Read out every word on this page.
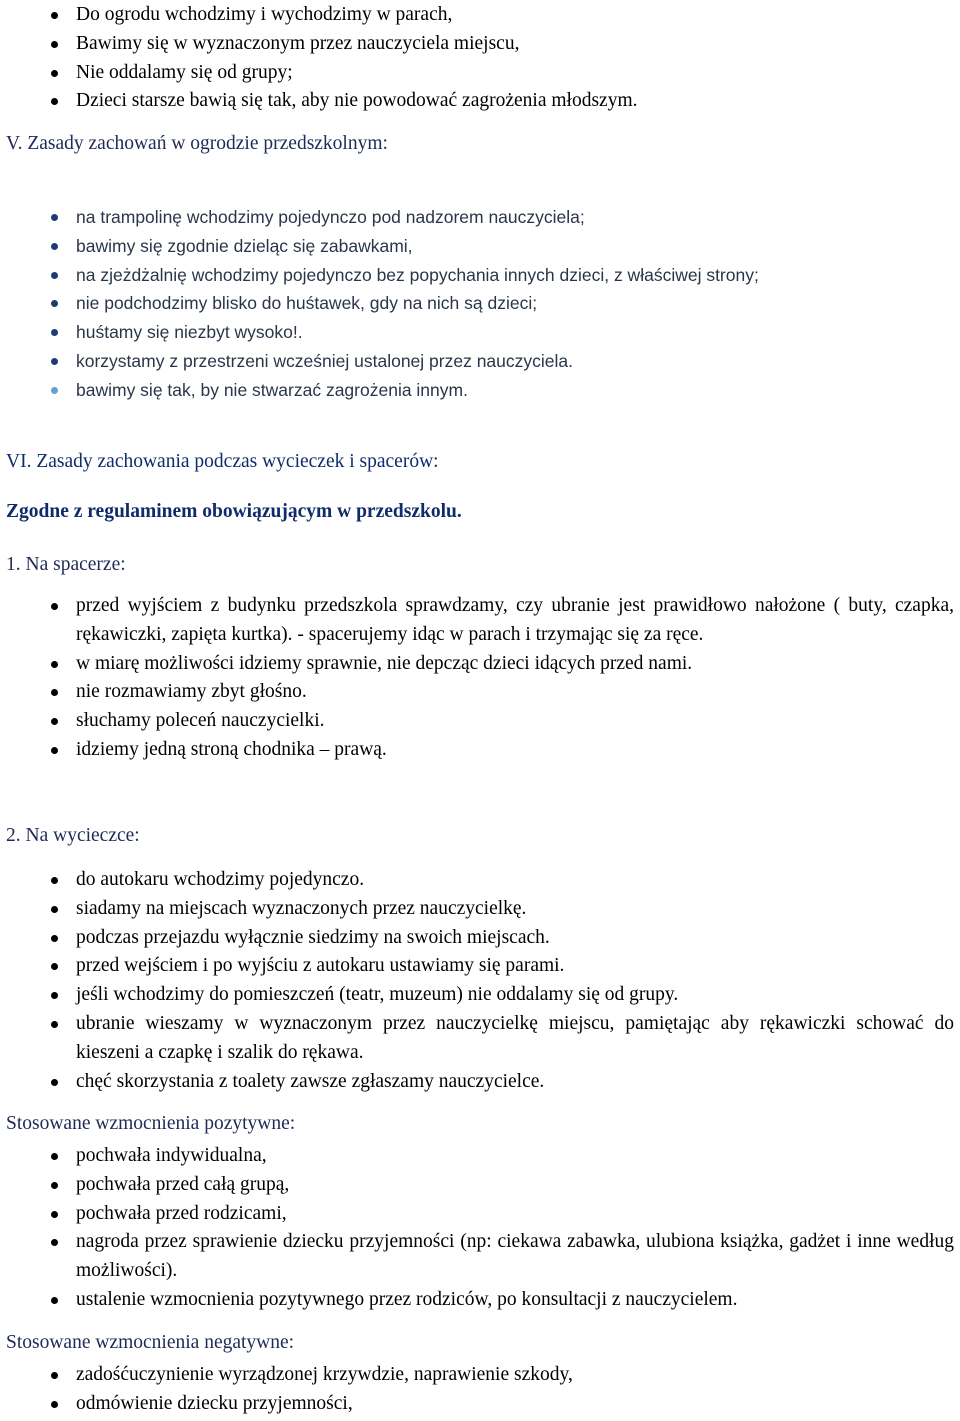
Do ogrodu wchodzimy i wychodzimy w parach,
Bawimy się w wyznaczonym przez nauczyciela miejscu,
Nie oddalamy się od grupy;
Dzieci starsze bawią się tak, aby nie powodować zagrożenia młodszym.
V. Zasady zachowań w ogrodzie przedszkolnym:
na trampolinę wchodzimy pojedynczo pod nadzorem nauczyciela;
bawimy się zgodnie dzieląc się zabawkami,
na zjeżdżalnię wchodzimy pojedynczo bez popychania innych dzieci, z właściwej strony;
nie podchodzimy blisko do huśtawek, gdy na nich są dzieci;
huśtamy się niezbyt wysoko!.
korzystamy z przestrzeni wcześniej ustalonej przez nauczyciela.
bawimy się tak, by nie stwarzać zagrożenia innym.
VI. Zasady zachowania podczas wycieczek i spacerów:
Zgodne z regulaminem obowiązującym w przedszkolu.
1. Na spacerze:
przed wyjściem z budynku przedszkola sprawdzamy, czy ubranie jest prawidłowo nałożone ( buty, czapka, rękawiczki, zapięta kurtka). - spacerujemy idąc w parach i trzymając się za ręce.
w miarę możliwości idziemy sprawnie, nie depcząc dzieci idących przed nami.
nie rozmawiamy zbyt głośno.
słuchamy poleceń nauczycielki.
idziemy jedną stroną chodnika – prawą.
2. Na wycieczce:
do autokaru wchodzimy pojedynczo.
siadamy na miejscach wyznaczonych przez nauczycielkę.
podczas przejazdu wyłącznie siedzimy na swoich miejscach.
przed wejściem i po wyjściu z autokaru ustawiamy się parami.
jeśli wchodzimy do pomieszczeń (teatr, muzeum) nie oddalamy się od grupy.
ubranie wieszamy w wyznaczonym przez nauczycielkę miejscu, pamiętając aby rękawiczki schować do kieszeni a czapkę i szalik do rękawa.
chęć skorzystania z toalety zawsze zgłaszamy nauczycielce.
Stosowane wzmocnienia pozytywne:
pochwała indywidualna,
pochwała przed całą grupą,
pochwała przed rodzicami,
nagroda przez sprawienie dziecku przyjemności (np: ciekawa zabawka, ulubiona książka, gadżet i inne według możliwości).
ustalenie wzmocnienia pozytywnego przez rodziców, po konsultacji z nauczycielem.
Stosowane wzmocnienia negatywne:
zadośćuczynienie wyrządzonej krzywdzie, naprawienie szkody,
odmówienie dziecku przyjemności,
